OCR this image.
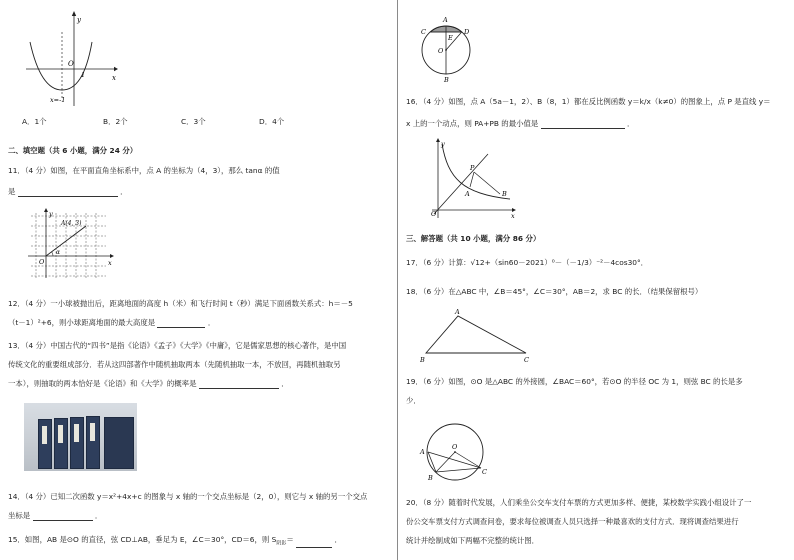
y
x
O
1
x=-1
A．1个	B．2个	C．3个	D．4个
二、填空题（共 6 小题，满分 24 分）
11．（4 分）如图，在平面直角坐标系中，点 A 的坐标为（4，3），那么 tanα 的值
是	．
y
x
O
A(4, 3)
α
12．（4 分）一小球被抛出后，距离地面的高度 h（米）和飞行时间 t（秒）满足下面函数关系式：h＝－5
（t－1）²+6，则小球距离地面的最大高度是	．
13．（4 分）中国古代的“四书”是指《论语》《孟子》《大学》《中庸》，它是儒家思想的核心著作，是中国
传统文化的重要组成部分．若从这四部著作中随机抽取两本（先随机抽取一本，不放回，再随机抽取另
一本），则抽取的两本恰好是《论语》和《大学》的概率是	．
14．（4 分）已知二次函数 y＝x²+4x+c 的图象与 x 轴的一个交点坐标是（2，0），则它与 x 轴的另一个交点
坐标是	．
15．如图，AB 是⊙O 的直径，弦 CD⊥AB，垂足为 E，∠C＝30°，CD＝6，则 $S_{阴影}=$	．
A
C	D
E
O
B
16．（4 分）如图，点 A（5a－1，2）、B（8，1）都在反比例函数 y＝k/x（k≠0）的图象上，点 P 是直线 y＝
x 上的一个动点，则 PA+PB 的最小值是	．
y
x
O
P
A	B
三、解答题（共 10 小题，满分 86 分）
17．（6 分）计算：√12+（sin60－2021）⁰－（－1/3）⁻²－4cos30°．
18．（6 分）在△ABC 中，∠B＝45°，∠C＝30°，AB＝2，求 BC 的长．（结果保留根号）
A
B	C
19．（6 分）如图，⊙O 是△ABC 的外接圆，∠BAC＝60°，若⊙O 的半径 OC 为 1，则弦 BC 的长是多
少．
A
B
C
O
20．（8 分）随着时代发展，人们乘坐公交车支付车票的方式更加多样、便捷，某校数学实践小组设计了一
份公交车票支付方式调查问卷，要求每位被调查人员只选择一种最喜欢的支付方式．现将调查结果进行
统计并绘制成如下两幅不完整的统计图．
